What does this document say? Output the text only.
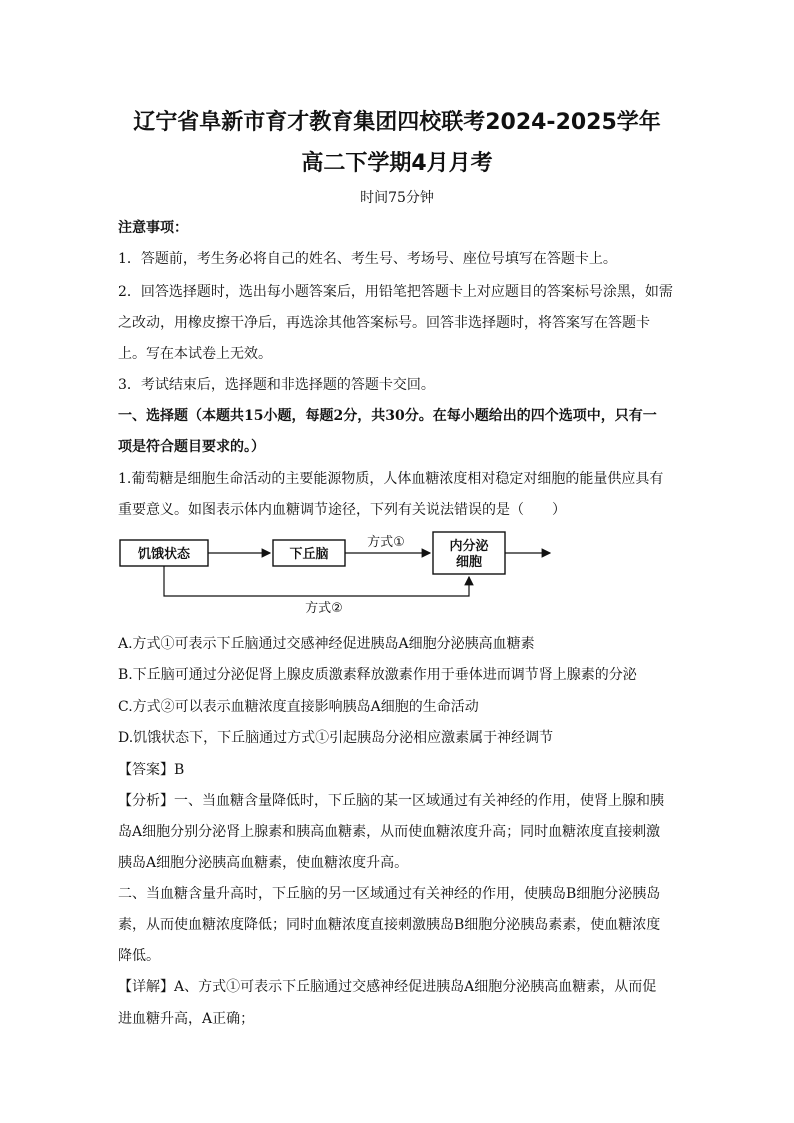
辽宁省阜新市育才教育集团四校联考2024-2025学年
高二下学期4月月考
时间75分钟
注意事项：
1．答题前，考生务必将自己的姓名、考生号、考场号、座位号填写在答题卡上。
2．回答选择题时，选出每小题答案后，用铅笔把答题卡上对应题目的答案标号涂黑，如需
之改动，用橡皮擦干净后，再选涂其他答案标号。回答非选择题时，将答案写在答题卡
上。写在本试卷上无效。
3．考试结束后，选择题和非选择题的答题卡交回。
一、选择题（本题共15小题，每题2分，共30分。在每小题给出的四个选项中，只有一
项是符合题目要求的。）
1.葡萄糖是细胞生命活动的主要能源物质，人体血糖浓度相对稳定对细胞的能量供应具有
重要意义。如图表示体内血糖调节途径，下列有关说法错误的是（　　）
饥饿状态	下丘脑
方式①	内分泌
细胞
方式②
A.方式①可表示下丘脑通过交感神经促进胰岛A细胞分泌胰高血糖素
B.下丘脑可通过分泌促肾上腺皮质激素释放激素作用于垂体进而调节肾上腺素的分泌
C.方式②可以表示血糖浓度直接影响胰岛A细胞的生命活动
D.饥饿状态下，下丘脑通过方式①引起胰岛分泌相应激素属于神经调节
【答案】B
【分析】一、当血糖含量降低时，下丘脑的某一区域通过有关神经的作用，使肾上腺和胰
岛A细胞分别分泌肾上腺素和胰高血糖素，从而使血糖浓度升高；同时血糖浓度直接刺激
胰岛A细胞分泌胰高血糖素，使血糖浓度升高。
二、当血糖含量升高时，下丘脑的另一区域通过有关神经的作用，使胰岛B细胞分泌胰岛
素，从而使血糖浓度降低；同时血糖浓度直接刺激胰岛B细胞分泌胰岛素素，使血糖浓度
降低。
【详解】A、方式①可表示下丘脑通过交感神经促进胰岛A细胞分泌胰高血糖素，从而促
进血糖升高，A正确；
